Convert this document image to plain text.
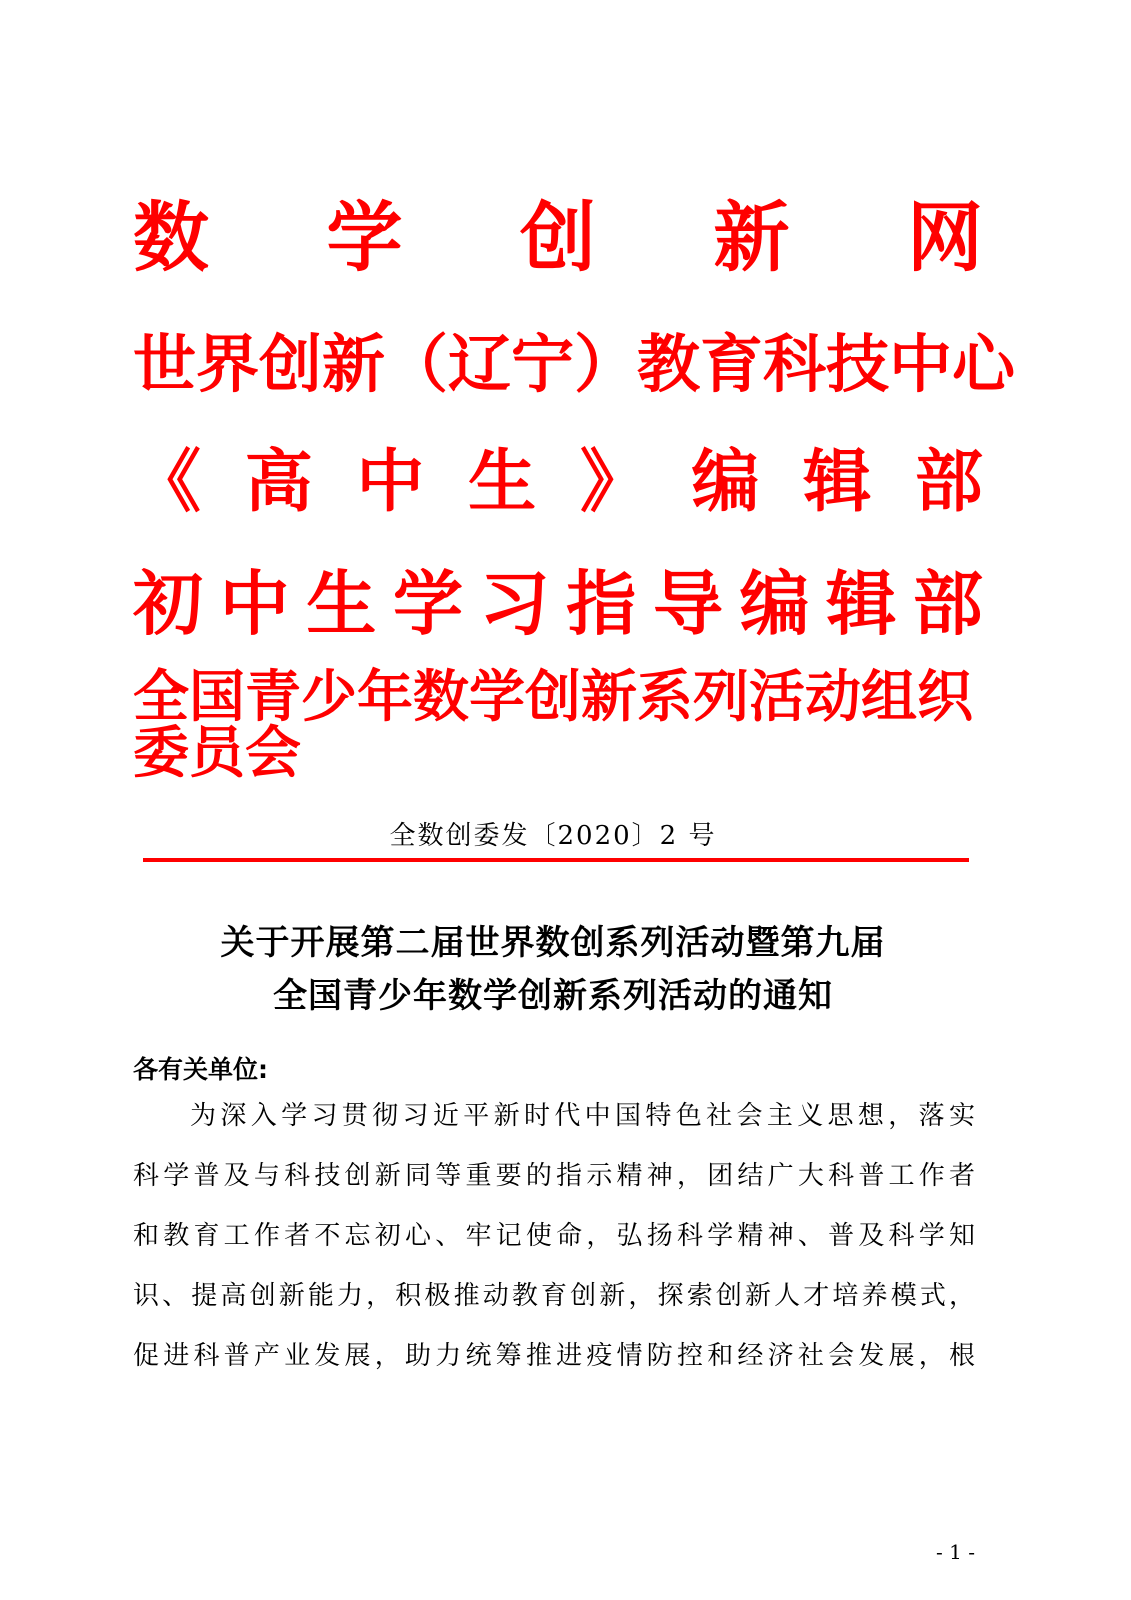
数 学 创 新 网
世 界 创 新 （ 辽 宁 ） 教 育 科 技 中 心
《 高 中 生 》 编 辑 部
初 中 生 学 习 指 导 编 辑 部
全国青少年数学创新系列活动组织委员会
全数创委发〔2020〕2 号
关于开展第二届世界数创系列活动暨第九届
全国青少年数学创新系列活动的通知
各有关单位:
为深入学习贯彻习近平新时代中国特色社会主义思想，落实
科学普及与科技创新同等重要的指示精神，团结广大科普工作者
和教育工作者不忘初心、牢记使命，弘扬科学精神、普及科学知
识、提高创新能力，积极推动教育创新，探索创新人才培养模式，
促进科普产业发展，助力统筹推进疫情防控和经济社会发展，根
- 1 -
